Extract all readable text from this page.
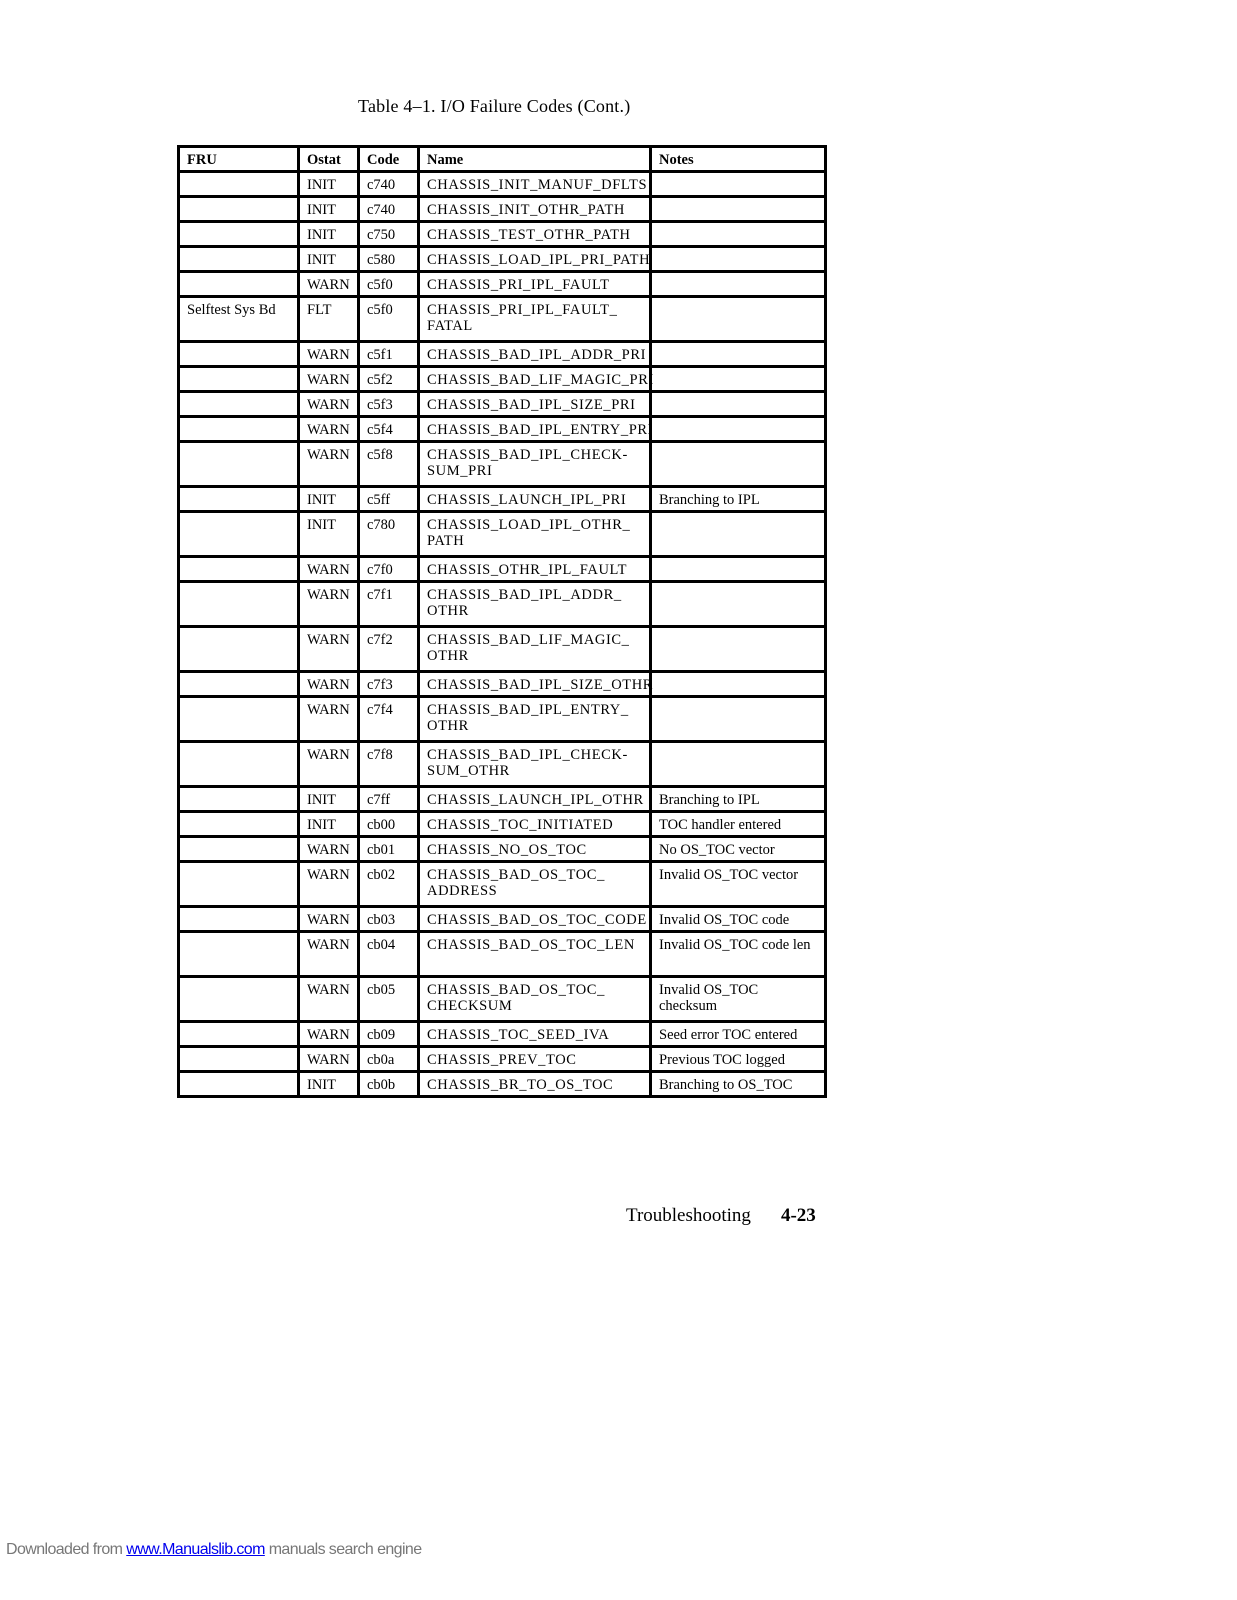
Table 4–1. I/O Failure Codes (Cont.)
FRU	Ostat	Code	Name	Notes
	INIT	c740	CHASSIS_INIT_MANUF_DFLTS	
	INIT	c740	CHASSIS_INIT_OTHR_PATH	
	INIT	c750	CHASSIS_TEST_OTHR_PATH	
	INIT	c580	CHASSIS_LOAD_IPL_PRI_PATH	
	WARN	c5f0	CHASSIS_PRI_IPL_FAULT	
Selftest Sys Bd	FLT	c5f0	CHASSIS_PRI_IPL_FAULT_ FATAL	
	WARN	c5f1	CHASSIS_BAD_IPL_ADDR_PRI	
	WARN	c5f2	CHASSIS_BAD_LIF_MAGIC_PRI	
	WARN	c5f3	CHASSIS_BAD_IPL_SIZE_PRI	
	WARN	c5f4	CHASSIS_BAD_IPL_ENTRY_PRI	
	WARN	c5f8	CHASSIS_BAD_IPL_CHECK- SUM_PRI	
	INIT	c5ff	CHASSIS_LAUNCH_IPL_PRI	Branching to IPL
	INIT	c780	CHASSIS_LOAD_IPL_OTHR_ PATH	
	WARN	c7f0	CHASSIS_OTHR_IPL_FAULT	
	WARN	c7f1	CHASSIS_BAD_IPL_ADDR_ OTHR	
	WARN	c7f2	CHASSIS_BAD_LIF_MAGIC_ OTHR	
	WARN	c7f3	CHASSIS_BAD_IPL_SIZE_OTHR	
	WARN	c7f4	CHASSIS_BAD_IPL_ENTRY_ OTHR	
	WARN	c7f8	CHASSIS_BAD_IPL_CHECK- SUM_OTHR	
	INIT	c7ff	CHASSIS_LAUNCH_IPL_OTHR	Branching to IPL
	INIT	cb00	CHASSIS_TOC_INITIATED	TOC handler entered
	WARN	cb01	CHASSIS_NO_OS_TOC	No OS_TOC vector
	WARN	cb02	CHASSIS_BAD_OS_TOC_ ADDRESS	Invalid OS_TOC vector
	WARN	cb03	CHASSIS_BAD_OS_TOC_CODE	Invalid OS_TOC code
	WARN	cb04	CHASSIS_BAD_OS_TOC_LEN	Invalid OS_TOC code len
	WARN	cb05	CHASSIS_BAD_OS_TOC_ CHECKSUM	Invalid OS_TOC checksum
	WARN	cb09	CHASSIS_TOC_SEED_IVA	Seed error TOC entered
	WARN	cb0a	CHASSIS_PREV_TOC	Previous TOC logged
	INIT	cb0b	CHASSIS_BR_TO_OS_TOC	Branching to OS_TOC
Troubleshooting 4-23
Downloaded from www.Manualslib.com manuals search engine
